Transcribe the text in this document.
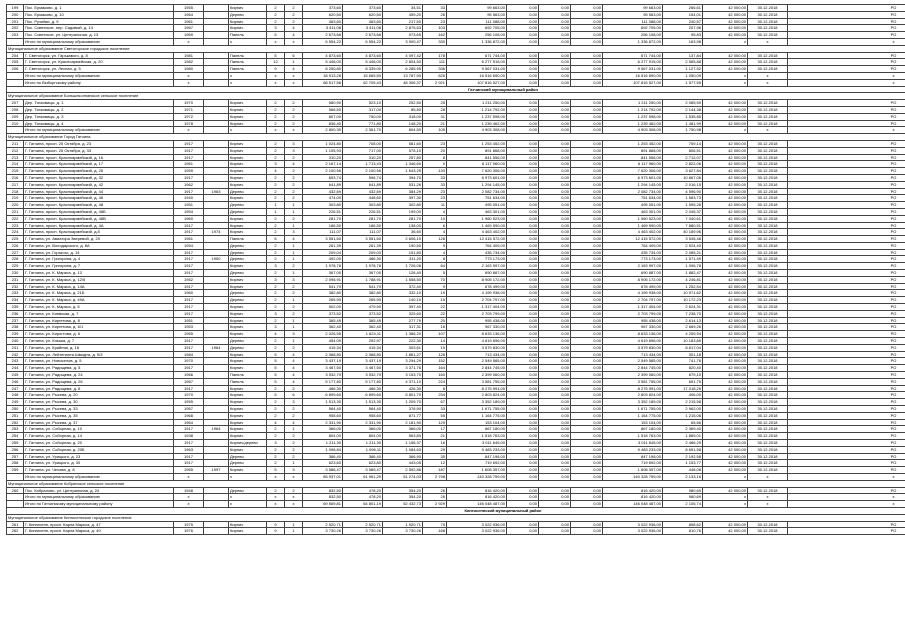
199	Пос. Ермаково, д. 1	1955		Кирпич	2	2	373,60	373,60	34,51	33	99 663,00	0,00	0,00	0,00	99 663,00	266,61	42 000,00	30.12.2018	РО
200	Пос. Ермаково, д. 10	1964		Дерево	2	2	620,50	620,50	459,20	26	95 563,00	0,00	0,00	0,00	95 563,00	154,01	42 000,00	30.12.2018	РО
201	Пос. Ручейки, д. 9	1961		Кирпич	2	2	463,60	463,60	217,50	23	111 088,00	0,00	0,00	0,00	111 088,00	240,57	42 000,00	30.12.2018	РО
202	Пос. Советское, пер. Садовый, д. 14	1967		Кирпич	3	4	3 411,08	3 411,08	2 875,63	103	692 705,00	0,00	0,00	0,00	692 705,00	207,96	42 000,00	30.12.2018	РО
203	Пос. Советское, ул. Центральная, д. 13	1969		Панель	5	4	2 673,66	2 673,66	973,65	162	256 108,00	0,00	0,00	0,00	256 108,00	95,83	42 000,00	30.12.2018	РО
	Итого по муниципальному образованию	x		x	x	x	6 554,22	6 554,22	3 900,47	330	1 336 872,00	0,00	0,00	0,00	1 336 872,00	163,98	x	x	x
Муниципальное образование Светогорское городское поселение																			
204	Г. Светогорск, ул. Гарькавого, д. 8	1981		Панель	5	6	4 873,60	4 873,60	4 097,42	178	671 744,00	0,00	0,00	0,00	671 744,00	137,84	42 000,00	30.12.2018	РО
205	Г. Светогорск, ул. Красноармейская, д. 20	1982		Панель	12	1	5 446,00	5 446,00	2 804,50	111	6 277 915,00	0,00	0,00	0,00	6 277 915,00	2 565,88	42 000,00	30.12.2018	РО
206	Г. Светогорск, ул. Лесная, д. 5	1980		Панель	9	4	8 250,80	8 339,00	6 285,95	336	9 567 031,00	0,00	0,00	0,00	9 567 031,00	1 127,52	42 000,00	30.12.2018	РО
	Итого по муниципальному образованию	x		x	x	x	18 913,28	15 665,50	13 787,90	625	16 516 690,00	0,00	0,00	0,00	16 516 690,00	1 050,09	x	x	x
	Итого по Выборгскому району	x		x	x	x	68 517,58	62 705,43	48 306,37	2 921	107 816 527,00	0,00	0,00	0,00	107 816 527,00	1 577,55	x	x	x
Гатчинский муниципальный район																			
Муниципальное образование Большеколпанское сельское поселение																			
207	Дер. Тихковицы, д. 1	1970		Кирпич	2	2	580,90	523,10	252,50	25	1 211 250,00	0,00	0,00	0,00	1 211 250,00	2 085,59	42 000,00	30.12.2018	РО
208	Дер. Тихковицы, д. 2	1971		Кирпич	2	2	566,50	317,00	85,80	28	1 214 792,00	0,00	0,00	0,00	1 214 792,00	2 144,38	42 000,00	30.12.2018	РО
209	Дер. Тихковицы, д. 3	1972		Кирпич	2	2	807,00	750,00	318,00	31	1 237 598,00	0,00	0,00	0,00	1 237 598,00	1 535,85	42 000,00	30.12.2018	РО
210	Дер. Тихковицы, д. 4	1978		Кирпич	2	2	836,40	771,80	148,20	21	1 239 462,00	0,00	0,00	0,00	1 239 462,00	1 481,99	42 000,00	30.12.2018	РО
	Итого по муниципальному образованию	x		x	x	x	2 800,30	2 361,70	804,50	105	4 903 308,00	0,00	0,00	0,00	4 903 308,00	1 750,98	x	x	x
Муниципальное образование Город Гатчина																			
211	Г. Гатчина, просп. 25 Октября, д. 23	1917		Кирпич	2	3	1 024,80	708,00	581,60	23	1 253 452,00	0,00	0,00	0,00	1 253 452,00	759,14	42 000,00	30.12.2018	РО
212	Г. Гатчина, просп. 25 Октября, д. 33	1917		Кирпич	2	3	1 105,93	717,00	575,10	20	891 868,00	0,00	0,00	0,00	891 868,00	806,51	42 000,00	30.12.2018	РО
213	Г. Гатчина, просп. Красноармейский, д. 16	1917		Кирпич	2	2	310,20	310,20	257,80	8	841 556,00	0,00	0,00	0,00	841 556,00	2 712,07	42 000,00	30.12.2018	РО
214	Г. Гатчина, просп. Красноармейский, д. 17	1961		Кирпич	3	4	2 167,14	1 713,43	1 346,60	0	6 117 960,00	0,00	0,00	0,00	6 117 960,00	2 822,06	42 000,00	30.12.2018	РО
215	Г. Гатчина, просп. Красноармейский, д. 26	1959		Кирпич	4	2	2 100,56	2 100,56	1 643,25	133	7 620 306,00	0,00	0,00	0,00	7 620 306,00	3 627,84	42 000,00	30.12.2018	РО
216	Г. Гатчина, просп. Красноармейский, д. 32	1917		Кирпич	2	2	653,74	596,74	394,70	33	6 973 601,00	0,00	0,00	0,00	6 973 601,00	10 667,06	42 000,00	30.12.2018	РО
217	Г. Гатчина, просп. Красноармейский, д. 42	1962		Кирпич	2	2	641,89	641,89	531,26	33	1 294 145,00	0,00	0,00	0,00	1 294 145,00	2 016,15	42 000,00	30.12.2018	РО
218	Г. Гатчина, просп. Красноармейский, д. 44	1917	1963	Дерево	2	2	432,69	432,69	384,29	23	2 082 734,00	0,00	0,00	0,00	2 082 734,00	4 596,90	42 000,00	30.12.2018	РО
219	Г. Гатчина, просп. Красноармейский, д. 46	1940		Кирпич	2	2	474,00	448,60	397,30	23	751 634,00	0,00	0,00	0,00	751 634,00	1 583,73	42 000,00	30.12.2018	РО
220	Г. Гатчина, просп. Красноармейский, д. 48	1951		Дерево	1	1	303,80	303,80	302,80	11	495 051,00	0,00	0,00	0,00	495 051,00	1 595,28	42 000,00	30.12.2018	РО
221	Г. Гатчина, просп. Красноармейский, д. 48Б	1954		Дерево	1	1	226,51	226,51	199,00	4	463 301,00	0,00	0,00	0,00	463 301,00	2 045,37	42 000,00	30.12.2018	РО
222	Г. Гатчина, просп. Красноармейский, д. 48В	1960		Кирпич	2	2	281,70	281,70	281,70	10	1 960 523,00	0,00	0,00	0,00	1 960 523,00	7 040,61	42 000,00	30.12.2018	РО
223	Г. Гатчина, просп. Красноармейский, д. 4А	1917		Кирпич	2	1	186,50	186,50	138,00	6	1 469 590,00	0,00	0,00	0,00	1 469 590,00	7 880,51	42 000,00	30.12.2018	РО
224	Г. Гатчина, просп. Красноармейский, д.8	1917	1974	Кирпич	2	3	111,07	111,07	36,60	4	4 463 402,00	0,00	0,00	0,00	4 463 402,00	40 189,96	42 000,00	30.12.2018	РО
225	Г. Гатчина, ул. Авиатора Зверевой, д. 20	1961		Панель	5	4	3 551,60	3 551,60	2 606,10	128	12 415 572,00	0,00	0,00	0,00	12 415 572,00	3 545,48	42 000,00	30.12.2018	РО
226	Г. Гатчина, ул. Володарского, д. 8А	1954		Дерево	2	1	261,39	261,39	190,50	9	764 409,00	0,00	0,00	0,00	764 409,00	2 924,40	42 000,00	30.12.2018	РО
227	Г. Гатчина, ул. Горького, д. 14	1917		Дерево	2	1	209,04	209,00	151,80	4	435 734,00	0,00	0,00	0,00	435 734,00	2 085,21	42 000,00	30.12.2018	РО
228	Г. Гатчина, ул. Григорина, д. 4	1917	1950	Дерево	2	1	492,00	486,30	311,20	8	773 173,00	0,00	0,00	0,00	773 173,00	1 571,49	42 000,00	30.12.2018	РО
229	Г. Гатчина, ул. Григорина, д. 7	1917		Кирпич	3	2	1 978,78	1 978,78	1 726,08	64	2 163 997,00	0,00	0,00	0,00	2 163 997,00	1 096,78	42 000,00	30.12.2018	РО
230	Г. Гатчина, ул. К. Маркса, д. 13	1917		Дерево	2	1	367,00	367,00	126,40	5	690 887,00	0,00	0,00	0,00	690 887,00	1 882,47	42 000,00	30.12.2018	РО
231	Г. Гатчина, ул. К. Маркса, д. 12/5	1952		Кирпич	3	3	2 096,91	1 788,91	1 558,50	70	8 905 172,00	0,00	0,00	0,00	8 905 172,00	4 246,81	42 000,00	30.12.2018	РО
232	Г. Гатчина, ул. К. Маркса, д. 14А	1917		Кирпич	2	2	541,70	541,70	372,40	9	678 499,00	0,00	0,00	0,00	678 499,00	1 252,54	42 000,00	30.12.2018	РО
233	Г. Гатчина, ул. К. Маркса, д. 21Б	1960		Дерево	2	2	382,80	382,80	332,10	19	4 199 938,00	0,00	0,00	0,00	4 199 938,00	10 971,62	42 000,00	30.12.2018	РО
234	Г. Гатчина, ул. К. Маркса, д. 49А	1917		Дерево	2	1	265,90	265,90	140,10	15	2 704 797,00	0,00	0,00	0,00	2 704 797,00	10 172,23	42 000,00	30.12.2018	РО
235	Г. Гатчина, ул. К. Маркса, д. 5	1917		Кирпич	2	2	502,00	479,90	397,40	22	1 317 404,00	0,00	0,00	0,00	1 317 404,00	2 624,31	42 000,00	30.12.2018	РО
236	Г. Гатчина, ул. Киевская, д. 7	1917		Кирпич	3	2	373,52	373,52	325,60	22	2 703 799,00	0,00	0,00	0,00	2 703 799,00	7 238,70	42 000,00	30.12.2018	РО
237	Г. Гатчина, ул. Киргетова, д. 8	1951		Кирпич	2	1	365,49	365,49	277,79	20	955 438,00	0,00	0,00	0,00	955 438,00	2 614,13	42 000,00	30.12.2018	РО
238	Г. Гатчина, ул. Киргетова, д. 6/1	1953		Кирпич	3	1	362,40	362,40	317,31	16	967 330,00	0,00	0,00	0,00	967 330,00	2 669,26	42 000,00	30.12.2018	РО
239	Г. Гатчина, ул. Кирогтова, д. 6	1965		Кирпич	4	3	2 026,55	1 624,11	1 386,20	107	8 633 136,00	0,00	0,00	0,00	8 633 136,00	4 259,94	42 000,00	30.12.2018	РО
240	Г. Гатчина, ул. Кныша, д. 7	1917		Дерево	2	1	454,09	292,97	222,30	14	4 619 696,00	0,00	0,00	0,00	4 619 696,00	10 183,89	42 000,00	30.12.2018	РО
241	Г. Гатчина, ул. Крайняя, д. 16	1917	1964	Дерево	2	2	415,34	415,34	303,61	19	3 579 830,00	0,00	0,00	0,00	3 579 830,00	8 617,04	42 000,00	30.12.2018	РО
242	Г. Гатчина, ул. Лейтенанта Шмидта, д. 9/3	1984		Кирпич	5	4	2 368,80	2 368,80	1 861,27	128	713 434,00	0,00	0,00	0,00	713 434,00	301,18	42 000,00	30.12.2018	РО
243	Г. Гатчина, ул. Новоселов, д. 5	1970		Кирпич	5	4	3 437,19	3 437,19	3 294,29	152	2 549 585,00	0,00	0,00	0,00	2 549 585,00	741,76	42 000,00	30.12.2018	РО
244	Г. Гатчина, ул. Радищева, д. 5	1917		Кирпич	5	4	3 467,50	3 467,50	3 371,76	164	2 844 745,00	0,00	0,00	0,00	2 844 745,00	820,40	42 000,00	30.12.2018	РО
245	Г. Гатчина, ул. Радищева, д. 24	1966		Панель	5	4	3 532,70	3 532,70	3 153,70	160	2 399 060,00	0,00	0,00	0,00	2 399 060,00	679,10	42 000,00	30.12.2018	РО
246	Г. Гатчина, ул. Радищева, д. 26	1967		Панель	5	4	5 177,80	5 177,80	4 371,10	224	3 581 755,00	0,00	0,00	0,00	3 581 755,00	691,75	42 000,00	30.12.2018	РО
247	Г. Гатчина, ул. Радищева, д. 8	1917		Кирпич	2	2	486,30	486,30	426,30	8	8 275 991,00	0,00	0,00	0,00	8 275 991,00	17 018,29	42 000,00	30.12.2018	РО
248	Г. Гатчина, ул. Рысева, д. 20	1970		Кирпич	5	6	6 899,60	6 899,60	5 801,70	234	2 803 824,00	0,00	0,00	0,00	2 803 824,00	406,00	42 000,00	30.12.2018	РО
249	Г. Гатчина, ул. Рысева, д. 30	1955		Кирпич	2	3	1 513,30	1 513,30	1 209,70	67	3 352 189,00	0,00	0,00	0,00	3 352 189,00	2 215,58	42 000,00	30.12.2018	РО
250	Г. Гатчина, ул. Рысева, д. 33	1957		Кирпич	2	2	564,40	564,40	376,90	33	1 671 755,00	0,00	0,00	0,00	1 671 755,00	2 962,00	42 000,00	30.12.2018	РО
251	Г. Гатчина, ул. Рысева, д. 35	1968		Кирпич	2	2	958,60	958,60	871,77	55	1 164 775,00	0,00	0,00	0,00	1 164 775,00	1 215,08	42 000,00	30.12.2018	РО
252	Г. Гатчина, ул. Рысева, д. 37	1964		Кирпич	4	4	2 331,90	2 331,90	2 181,90	129	153 104,00	0,00	0,00	0,00	153 104,00	65,66	42 000,00	30.12.2018	РО
253	Г. Гатчина, ул. Соборная, д. 10	1917	1964	Кирпич	2	1	366,00	366,00	366,00	17	867 180,00	0,00	0,00	0,00	867 180,00	2 369,40	42 000,00	30.12.2018	РО
254	Г. Гатчина, ул. Соборная, д. 14	1938		Кирпич	2	2	804,00	804,00	563,80	21	1 518 763,00	0,00	0,00	0,00	1 518 763,00	1 889,01	42 000,00	30.12.2018	РО
255	Г. Гатчина, ул. Соборная, д. 20	1917		Кирпич/дерево	3	2	1 211,30	1 211,30	1 156,37	16	3 011 645,00	0,00	0,00	0,00	3 011 645,00	2 486,29	42 000,00	30.12.2018	РО
256	Г. Гатчина, ул. Соборная, д. 20Б	1963		Кирпич	2	2	1 096,84	1 096,11	1 084,63	29	9 483 233,00	0,00	0,00	0,00	9 483 233,00	8 651,58	42 000,00	30.12.2018	РО
257	Г. Гатчина, ул. Урицкого, д. 23	1917		Дерево	2	2	386,40	386,40	366,90	35	847 198,00	0,00	0,00	0,00	847 198,00	2 192,58	42 000,00	30.12.2018	РО
258	Г. Гатчина, ул. Урицкого, д. 30	1917		Дерево	2	1	623,60	623,80	443,05	12	719 692,00	0,00	0,00	0,00	719 692,00	1 153,77	42 000,00	30.12.2018	РО
259	Г. Гатчина, ул. Чехова, д. 8	1965	1997	Кирпич	5	3	3 586,47	3 589,47	2 592,86	187	1 608 357,00	0,00	0,00	0,00	1 608 357,00	448,08	42 000,00	30.12.2018	РО
	Итого по муниципальному образованию	x		x	x	x	65 937,01	61 961,29	51 274,03	2 798	140 328 759,00	0,00	0,00	0,00	140 328 759,00	2 133,16	x	x	x
Муниципальное образование Кобринское сельское поселение																			
260	Пос. Кобралово, ул. Центральная, д. 24	1948		Дерево	2	2	832,50	478,20	354,20	26	816 420,00	0,00	0,00	0,00	816 420,00	980,69	42 000,00	30.12.2018	РО
	Итого по муниципальному образованию	x		x	x	x	832,50	478,20	354,20	26	816 420,00	0,00	0,00	0,00	816 420,00	980,69	x	x	x
	Итого по Гатчинскому муниципальному району	x		x	x	x	69 569,81	64 801,19	52 432,73	2 929	146 048 487,00	0,00	0,00	0,00	146 048 487,00	2 105,74	x	x	x
Кингисеппский муниципальный район																			
Муниципальное образование Кингисеппское городское поселение																			
261	Г. Кингисепп, просп. Карла Маркса, д. 47	1975		Кирпич	9	1	2 520,71	2 520,71	1 920,71	75	3 022 936,00	0,00	0,00	0,00	3 022 936,00	858,62	42 000,00	30.12.2018	РО
262	Г. Кингисепп, просп. Карла Маркса, д. 49	1976		Кирпич	9	1	3 730,26	3 730,26	3 730,26	168	3 022 936,00	0,00	0,00	0,00	3 022 936,00	810,76	42 000,00	30.12.2018	РО
